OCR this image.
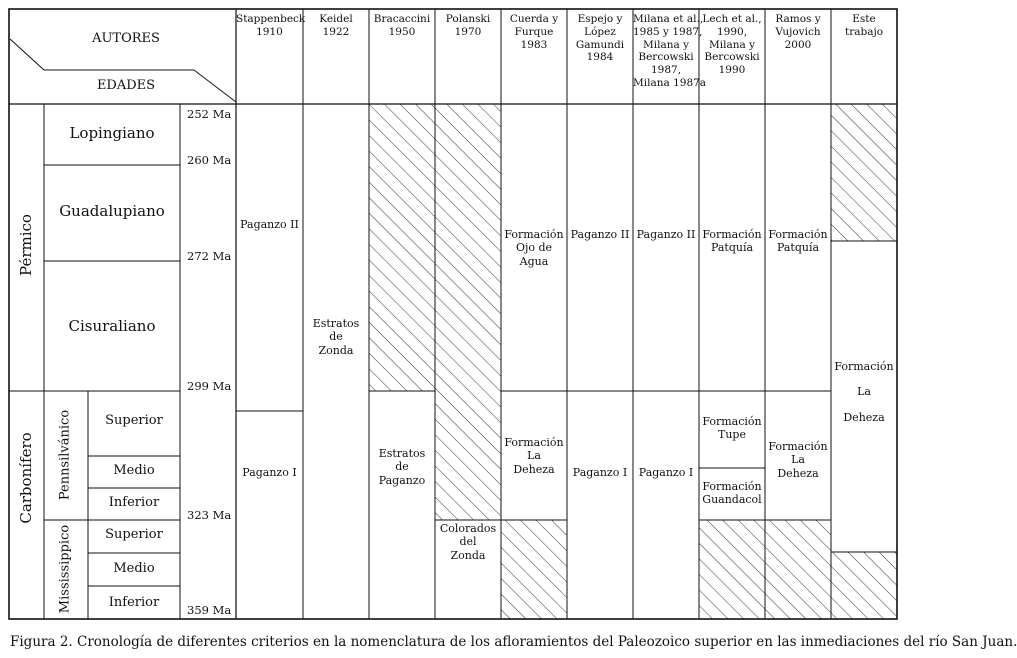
AUTORES
EDADES
Stappenbeck
1910
Keidel
1922
Bracaccini
1950
Polanski
1970
Cuerda y
Furque
1983
Espejo y
López
Gamundi
1984
Milana et al.,
1985 y 1987,
Milana y
Bercowski
1987,
Milana 1987a
Lech et al.,
1990,
Milana y
Bercowski
1990
Ramos y
Vujovich
2000
Este
trabajo
Pérmico
Carbonífero Pennsilvánico
Mississippico
Lopingiano
Guadalupiano
Cisuraliano
Superior
Medio
Inferior
Superior
Medio
Inferior
252 Ma
260 Ma
272 Ma
299 Ma
323 Ma
359 Ma
Paganzo II
Paganzo I
Estratos
de
Zonda
Estratos
de
Paganzo
Colorados
del
Zonda
Formación
Ojo de
Agua
Formación
La
Deheza
Paganzo II
Paganzo I
Paganzo II
Paganzo I
Formación
Patquía
Formación
Tupe
Formación
Guandacol
Formación
Patquía
Formación
La
Deheza
Formación
La
Deheza
Figura 2. Cronología de diferentes criterios en la nomenclatura de los afloramientos del Paleozoico superior en las inmediaciones del río San Juan.
